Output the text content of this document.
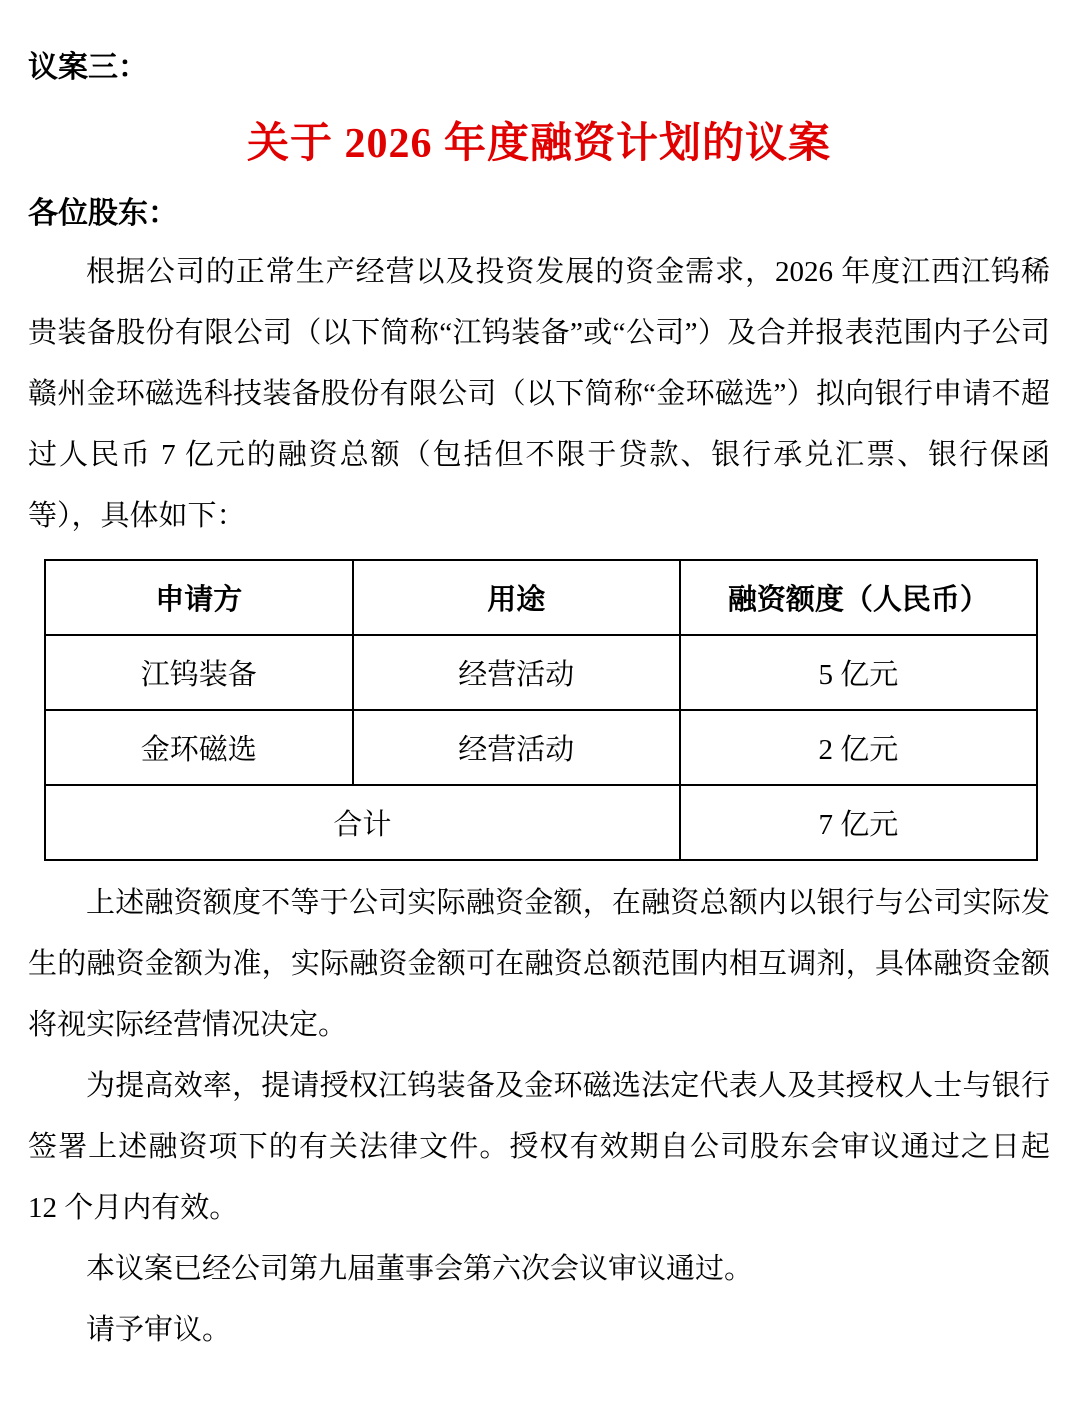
议案三：

关于 2026 年度融资计划的议案

各位股东：

根据公司的正常生产经营以及投资发展的资金需求，2026 年度江西江钨稀贵装备股份有限公司（以下简称“江钨装备”或“公司”）及合并报表范围内子公司赣州金环磁选科技装备股份有限公司（以下简称“金环磁选”）拟向银行申请不超过人民币 7 亿元的融资总额（包括但不限于贷款、银行承兑汇票、银行保函等），具体如下：

申请方	用途	融资额度（人民币）
江钨装备	经营活动	5 亿元
金环磁选	经营活动	2 亿元
合计		7 亿元

上述融资额度不等于公司实际融资金额，在融资总额内以银行与公司实际发生的融资金额为准，实际融资金额可在融资总额范围内相互调剂，具体融资金额将视实际经营情况决定。

为提高效率，提请授权江钨装备及金环磁选法定代表人及其授权人士与银行签署上述融资项下的有关法律文件。授权有效期自公司股东会审议通过之日起 12 个月内有效。

本议案已经公司第九届董事会第六次会议审议通过。

请予审议。
